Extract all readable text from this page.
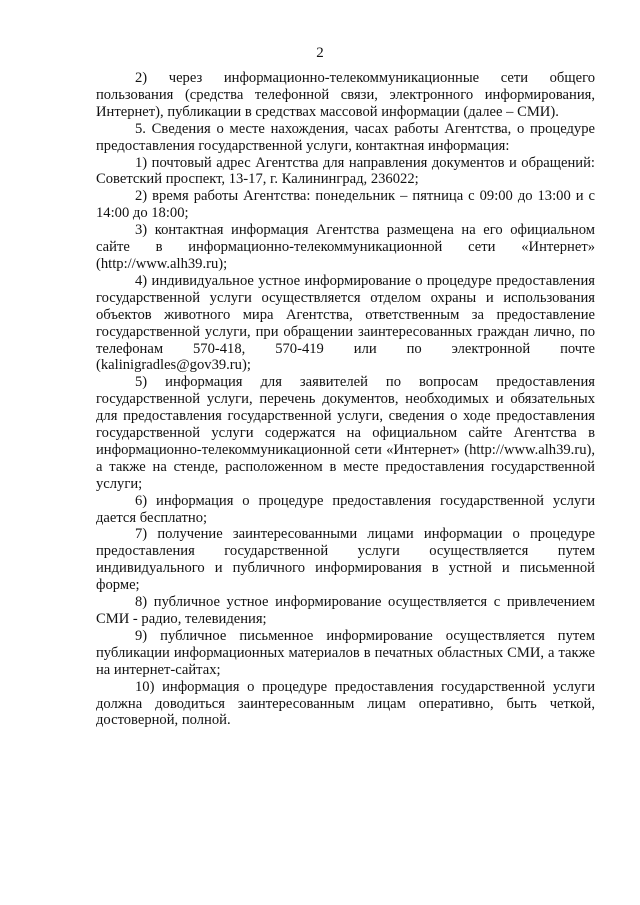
2

2) через информационно-телекоммуникационные сети общего пользования (средства телефонной связи, электронного информирования, Интернет), публикации в средствах массовой информации (далее – СМИ).

5. Сведения о месте нахождения, часах работы Агентства, о процедуре предоставления государственной услуги, контактная информация:

1) почтовый адрес Агентства для направления документов и обращений: Советский проспект, 13-17, г. Калининград, 236022;

2) время работы Агентства: понедельник – пятница с 09:00 до 13:00 и с 14:00 до 18:00;

3) контактная информация Агентства размещена на его официальном сайте в информационно-телекоммуникационной сети «Интернет» (http://www.alh39.ru);

4) индивидуальное устное информирование о процедуре предоставления государственной услуги осуществляется отделом охраны и использования объектов животного мира Агентства, ответственным за предоставление государственной услуги, при обращении заинтересованных граждан лично, по телефонам 570-418, 570-419 или по электронной почте (kalinigradles@gov39.ru);

5) информация для заявителей по вопросам предоставления государственной услуги, перечень документов, необходимых и обязательных для предоставления государственной услуги, сведения о ходе предоставления государственной услуги содержатся на официальном сайте Агентства в информационно-телекоммуникационной сети «Интернет» (http://www.alh39.ru), а также на стенде, расположенном в месте предоставления государственной услуги;

6) информация о процедуре предоставления государственной услуги дается бесплатно;

7) получение заинтересованными лицами информации о процедуре предоставления государственной услуги осуществляется путем индивидуального и публичного информирования в устной и письменной форме;

8) публичное устное информирование осуществляется с привлечением СМИ - радио, телевидения;

9) публичное письменное информирование осуществляется путем публикации информационных материалов в печатных областных СМИ, а также на интернет-сайтах;

10) информация о процедуре предоставления государственной услуги должна доводиться заинтересованным лицам оперативно, быть четкой, достоверной, полной.
